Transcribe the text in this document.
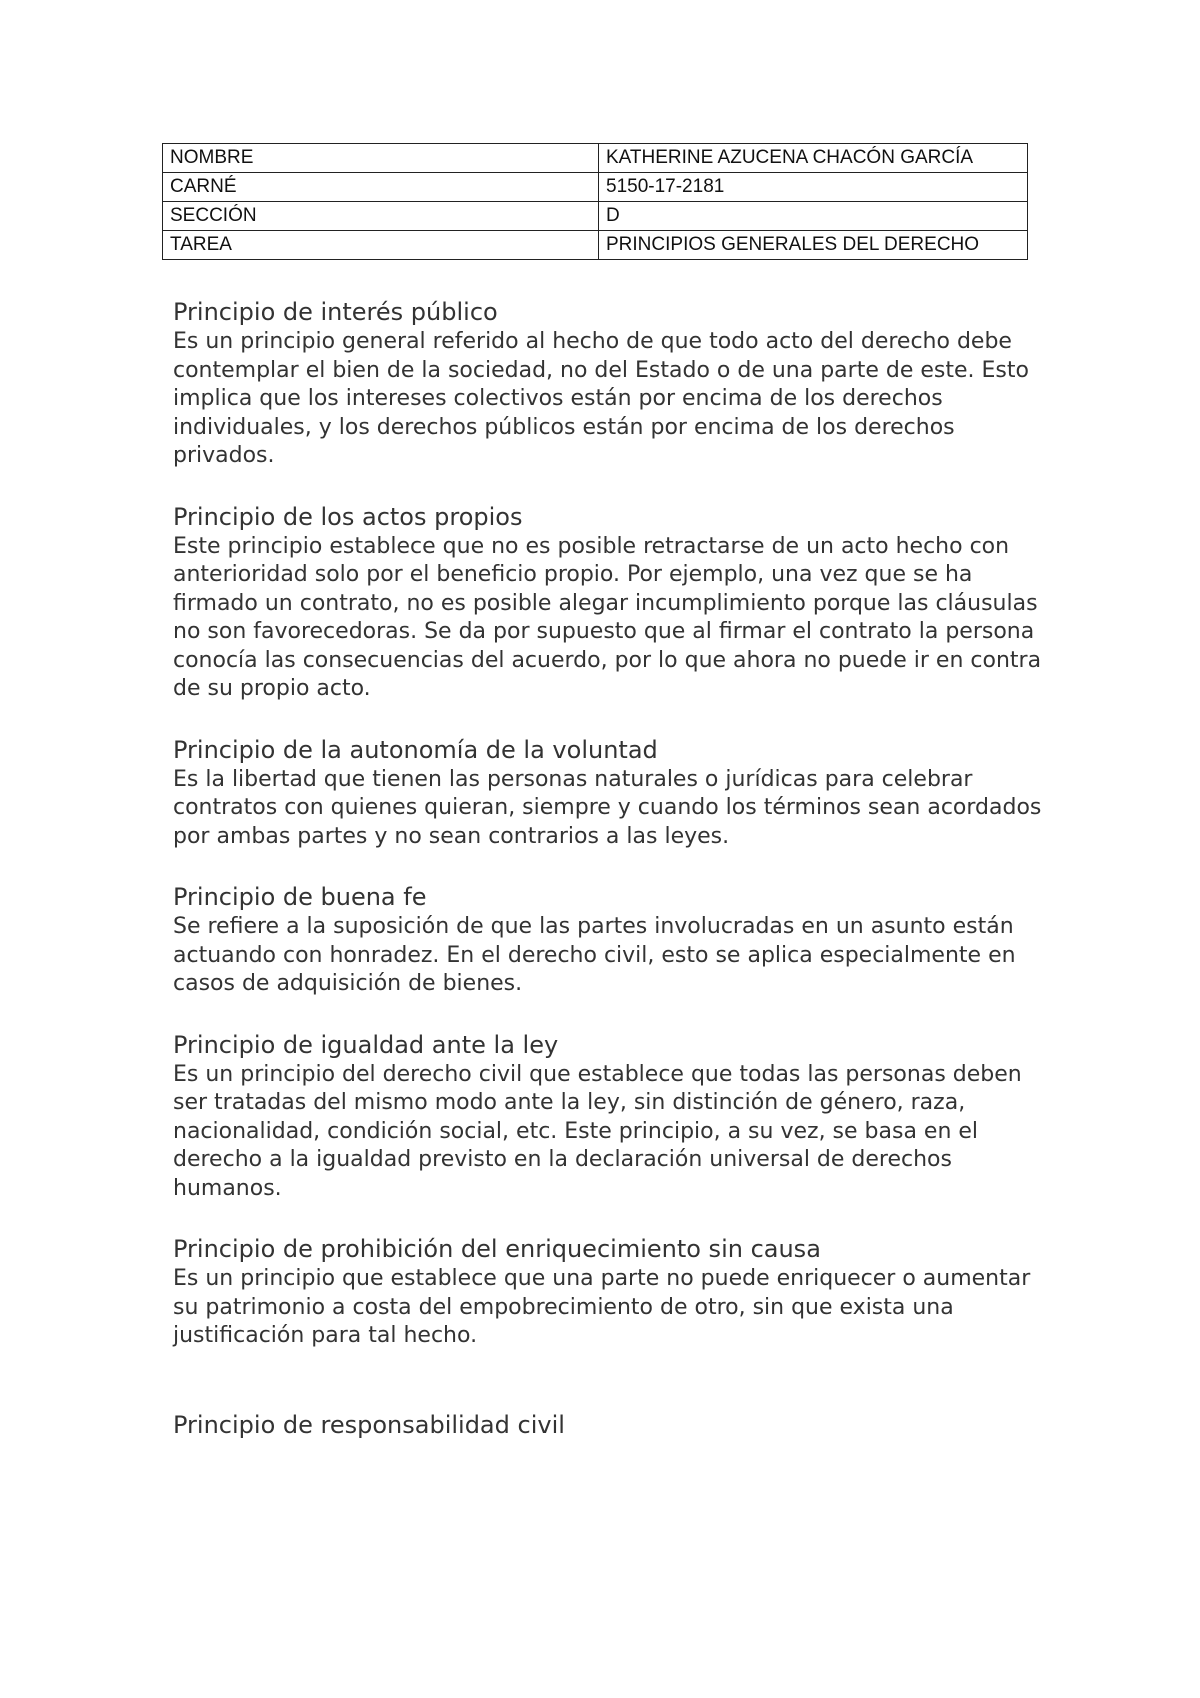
NOMBRE	KATHERINE AZUCENA CHACÓN GARCÍA
CARNÉ	5150-17-2181
SECCIÓN	D
TAREA	PRINCIPIOS GENERALES DEL DERECHO
Principio de interés público

Es un principio general referido al hecho de que todo acto del derecho debe contemplar el bien de la sociedad, no del Estado o de una parte de este. Esto implica que los intereses colectivos están por encima de los derechos individuales, y los derechos públicos están por encima de los derechos privados.

Principio de los actos propios

Este principio establece que no es posible retractarse de un acto hecho con anterioridad solo por el beneficio propio. Por ejemplo, una vez que se ha firmado un contrato, no es posible alegar incumplimiento porque las cláusulas no son favorecedoras. Se da por supuesto que al firmar el contrato la persona conocía las consecuencias del acuerdo, por lo que ahora no puede ir en contra de su propio acto.

Principio de la autonomía de la voluntad

Es la libertad que tienen las personas naturales o jurídicas para celebrar contratos con quienes quieran, siempre y cuando los términos sean acordados por ambas partes y no sean contrarios a las leyes.

Principio de buena fe

Se refiere a la suposición de que las partes involucradas en un asunto están actuando con honradez. En el derecho civil, esto se aplica especialmente en casos de adquisición de bienes.

Principio de igualdad ante la ley

Es un principio del derecho civil que establece que todas las personas deben ser tratadas del mismo modo ante la ley, sin distinción de género, raza, nacionalidad, condición social, etc. Este principio, a su vez, se basa en el derecho a la igualdad previsto en la declaración universal de derechos humanos.

Principio de prohibición del enriquecimiento sin causa

Es un principio que establece que una parte no puede enriquecer o aumentar su patrimonio a costa del empobrecimiento de otro, sin que exista una justificación para tal hecho.

Principio de responsabilidad civil
